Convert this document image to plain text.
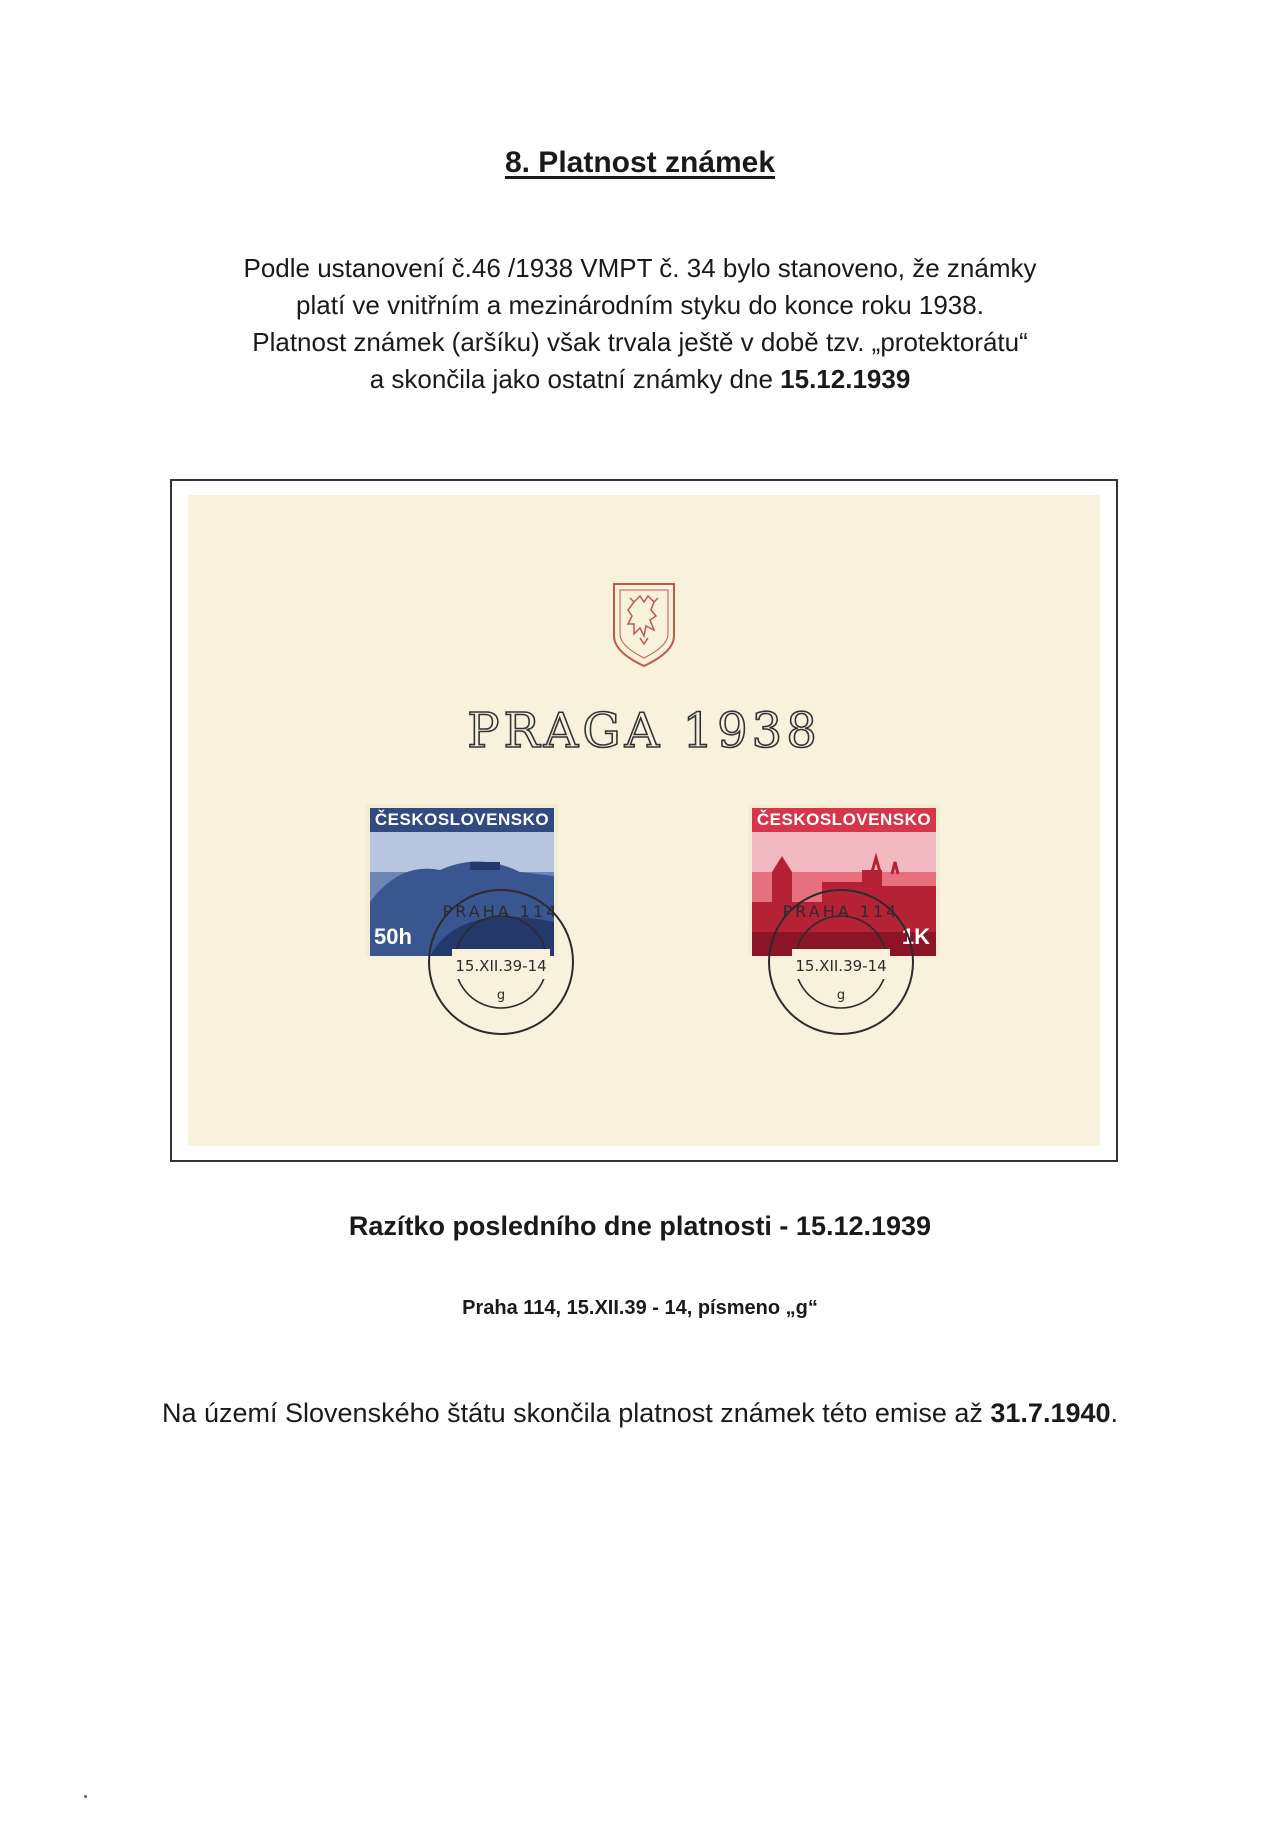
8. Platnost známek
Podle ustanovení č.46 /1938 VMPT č. 34 bylo stanoveno, že známky
platí ve vnitřním a mezinárodním styku do konce roku 1938.
Platnost známek (aršíku) však trvala ještě v době tzv. „protektorátu“
a skončila jako ostatní známky dne 15.12.1939
PRAGA 1938
ČESKOSLOVENSKO
50h
ČESKOSLOVENSKO
1K
PRAHA 114
15.XII.39-14
g
PRAHA 114
15.XII.39-14
g
Razítko posledního dne platnosti - 15.12.1939
Praha 114, 15.XII.39 - 14, písmeno „g“
Na území Slovenského štátu skončila platnost známek této emise až 31.7.1940.
